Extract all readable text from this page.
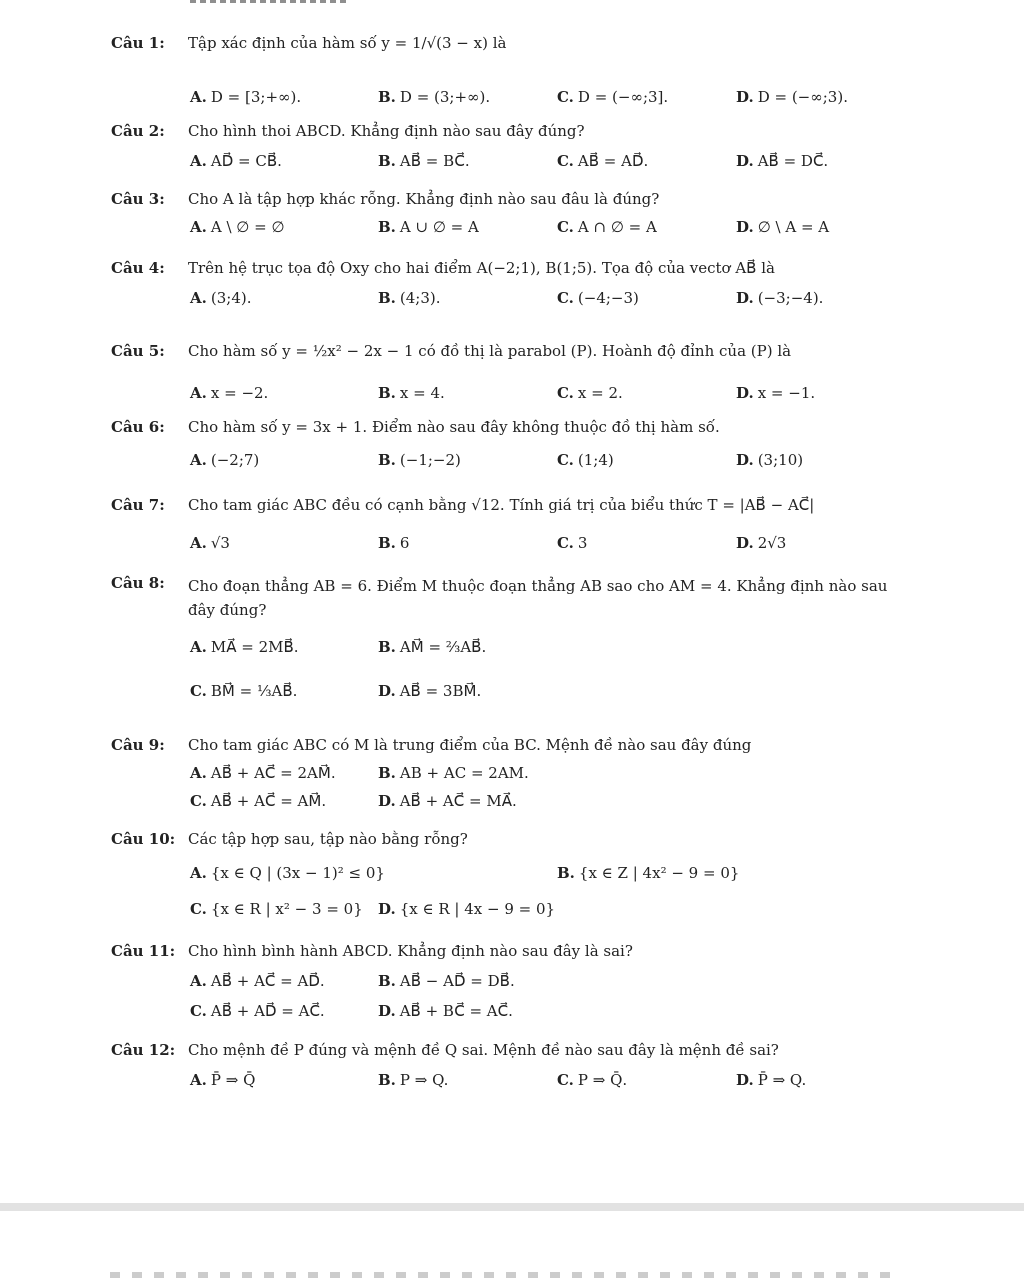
Câu 1: Tập xác định của hàm số y = 1/√(3 − x) là
A. D = [3;+∞).	B. D = (3;+∞).	C. D = (−∞;3].	D. D = (−∞;3).
Câu 2: Cho hình thoi ABCD. Khẳng định nào sau đây đúng?
A. AD⃗ = CB⃗.	B. AB⃗ = BC⃗.	C. AB⃗ = AD⃗.	D. AB⃗ = DC⃗.
Câu 3: Cho A là tập hợp khác rỗng. Khẳng định nào sau đâu là đúng?
A. A \ ∅ = ∅	B. A ∪ ∅ = A	C. A ∩ ∅ = A	D. ∅ \ A = A
Câu 4: Trên hệ trục tọa độ Oxy cho hai điểm A(−2;1), B(1;5). Tọa độ của vectơ AB⃗ là
A. (3;4).	B. (4;3).	C. (−4;−3)	D. (−3;−4).
Câu 5: Cho hàm số y = ½x² − 2x − 1 có đồ thị là parabol (P). Hoành độ đỉnh của (P) là
A. x = −2.	B. x = 4.	C. x = 2.	D. x = −1.
Câu 6: Cho hàm số y = 3x + 1. Điểm nào sau đây không thuộc đồ thị hàm số.
A. (−2;7)	B. (−1;−2)	C. (1;4)	D. (3;10)
Câu 7: Cho tam giác ABC đều có cạnh bằng √12. Tính giá trị của biểu thức T = |AB⃗ − AC⃗|
A. √3	B. 6	C. 3	D. 2√3
Câu 8: Cho đoạn thẳng AB = 6. Điểm M thuộc đoạn thẳng AB sao cho AM = 4. Khẳng định nào sau đây đúng?
A. MA⃗ = 2MB⃗.	B. AM⃗ = ⅔AB⃗.
C. BM⃗ = ⅓AB⃗.	D. AB⃗ = 3BM⃗.
Câu 9: Cho tam giác ABC có M là trung điểm của BC. Mệnh đề nào sau đây đúng
A. AB⃗ + AC⃗ = 2AM⃗.	B. AB + AC = 2AM.
C. AB⃗ + AC⃗ = AM⃗.	D. AB⃗ + AC⃗ = MA⃗.
Câu 10: Các tập hợp sau, tập nào bằng rỗng?
A. {x ∈ Q | (3x − 1)² ≤ 0}	B. {x ∈ Z | 4x² − 9 = 0}
C. {x ∈ R | x² − 3 = 0} D. {x ∈ R | 4x − 9 = 0}
Câu 11: Cho hình bình hành ABCD. Khẳng định nào sau đây là sai?
A. AB⃗ + AC⃗ = AD⃗.	B. AB⃗ − AD⃗ = DB⃗.
C. AB⃗ + AD⃗ = AC⃗.	D. AB⃗ + BC⃗ = AC⃗.
Câu 12: Cho mệnh đề P đúng và mệnh đề Q sai. Mệnh đề nào sau đây là mệnh đề sai?
A. P̄ ⇒ Q̄	B. P ⇒ Q.	C. P ⇒ Q̄.	D. P̄ ⇒ Q.
